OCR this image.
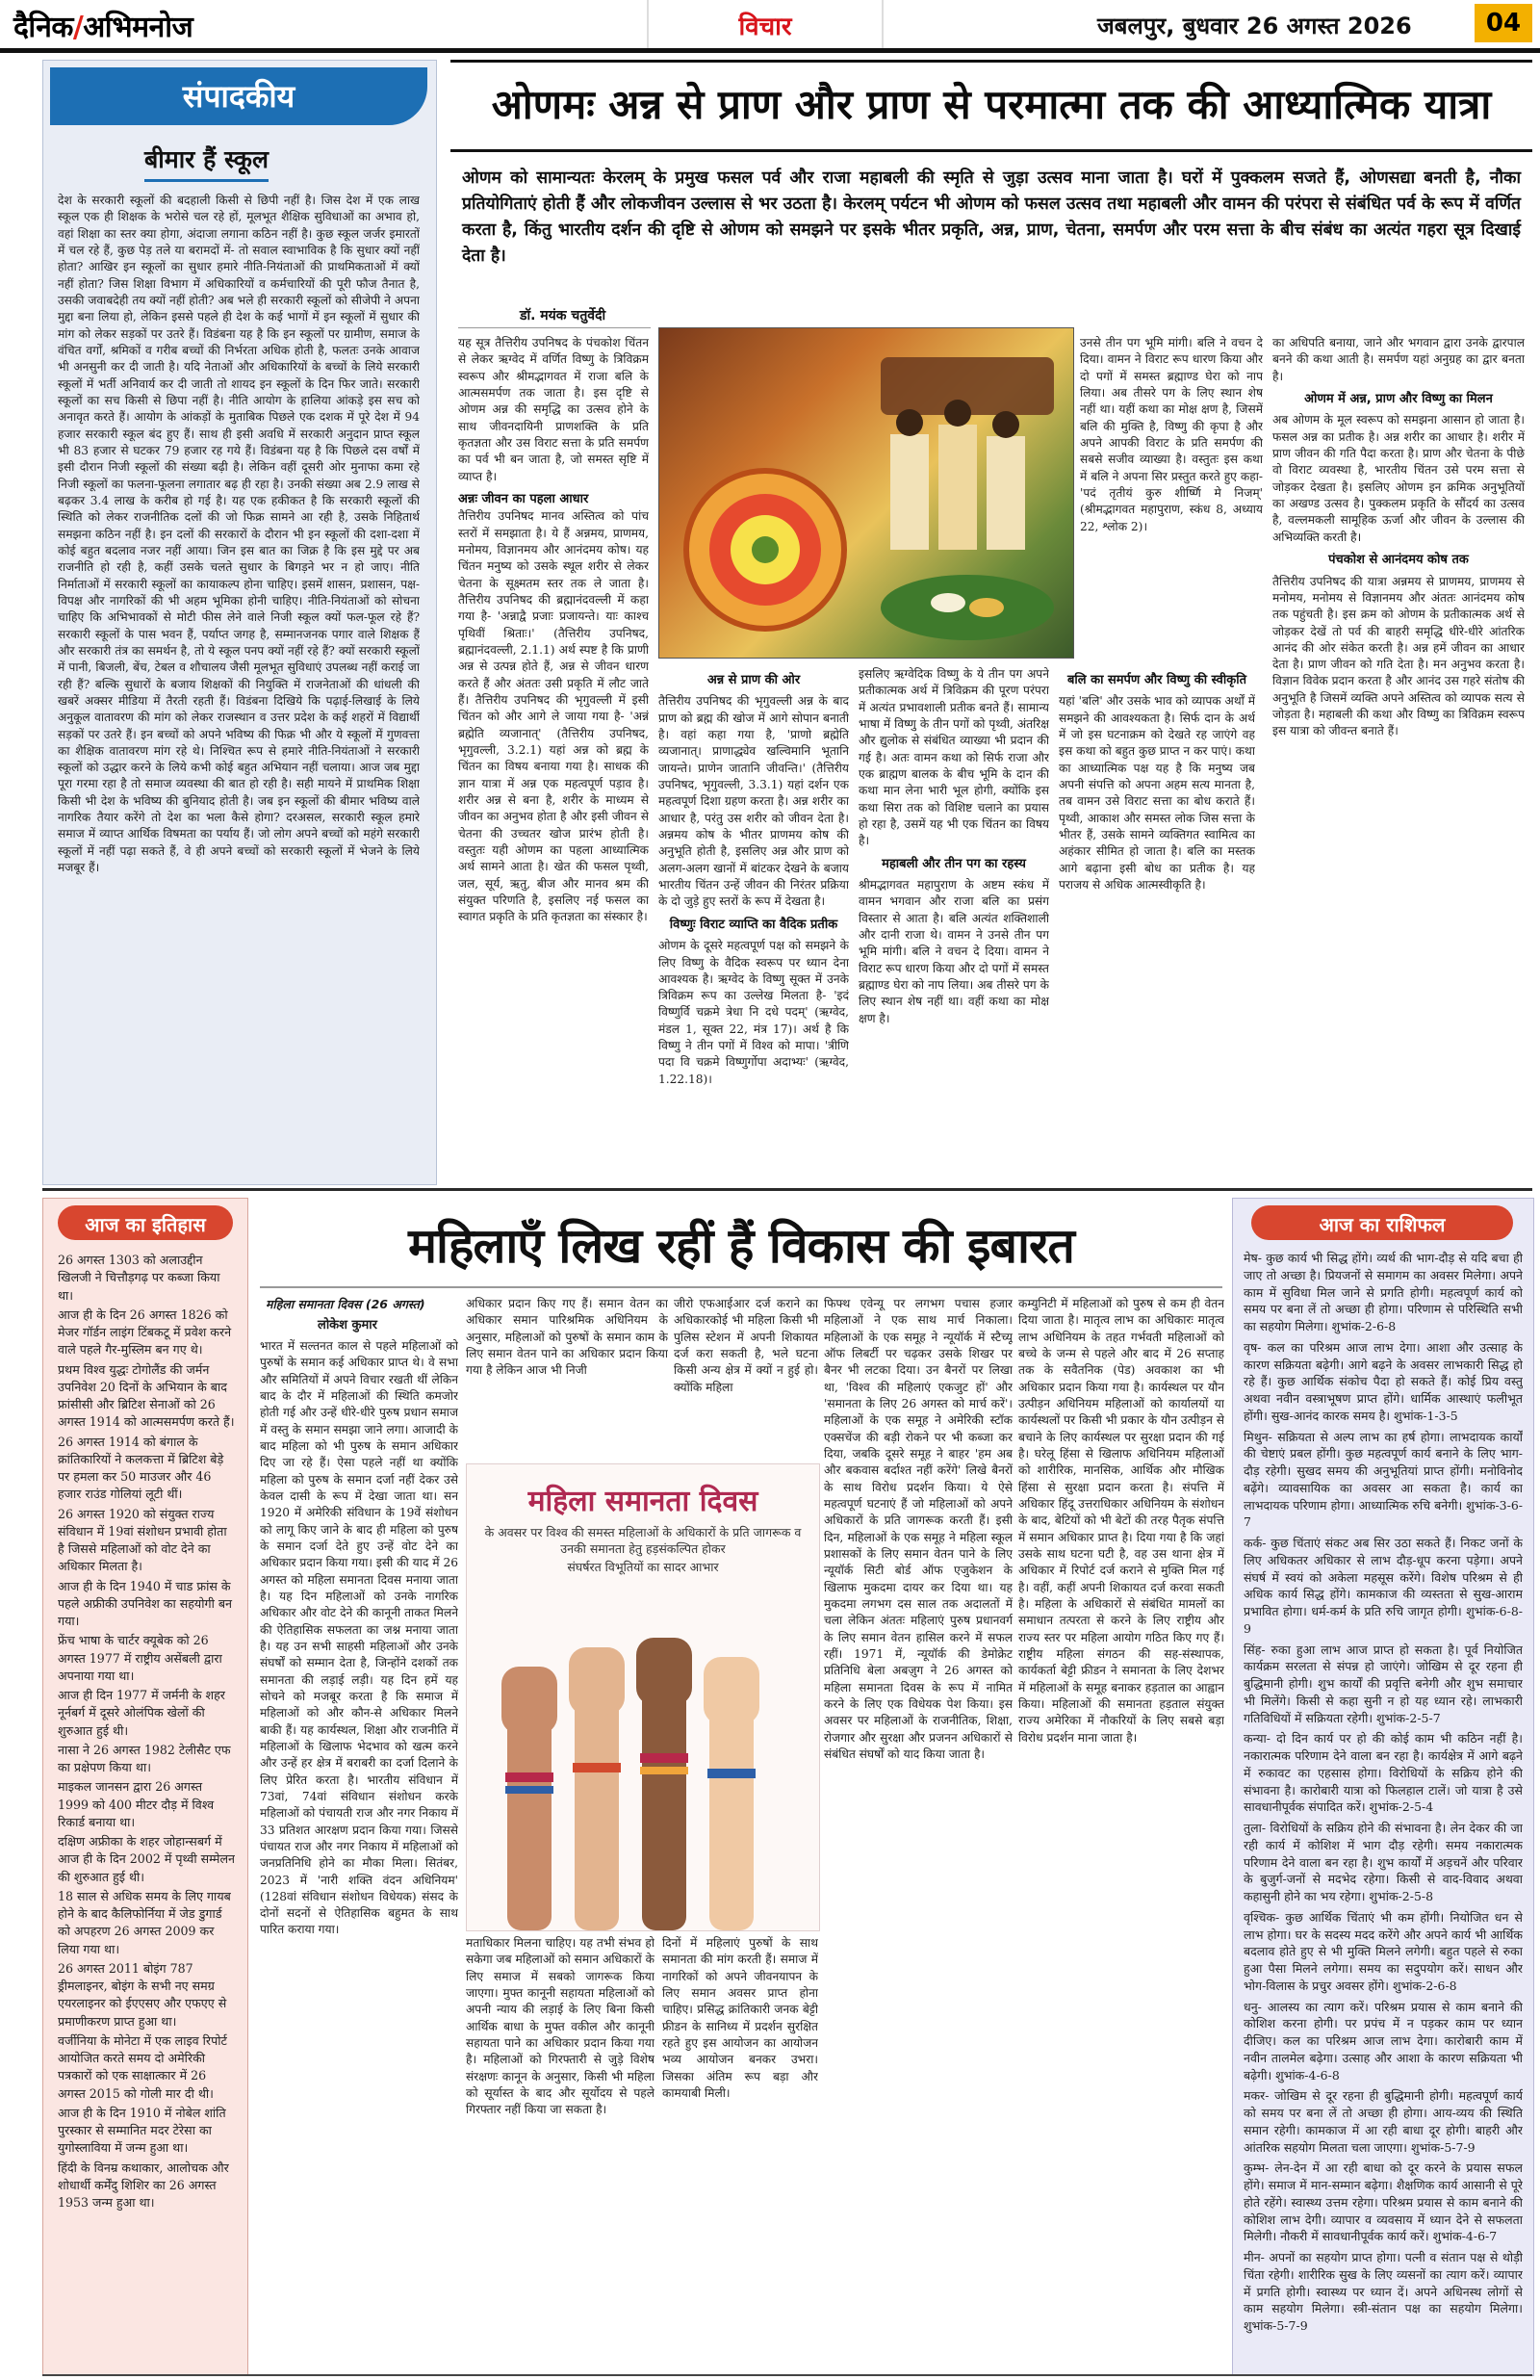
दैनिक/अभिमनोज	विचार	जबलपुर, बुधवार 26 अगस्त 2026	04
संपादकीय
बीमार हैं स्कूल
देश के सरकारी स्कूलों की बदहाली किसी से छिपी नहीं है। जिस देश में एक लाख स्कूल एक ही शिक्षक के भरोसे चल रहे हों, मूलभूत शैक्षिक सुविधाओं का अभाव हो, वहां शिक्षा का स्तर क्या होगा, अंदाजा लगाना कठिन नहीं है। कुछ स्कूल जर्जर इमारतों में चल रहे हैं, कुछ पेड़ तले या बरामदों में- तो सवाल स्वाभाविक है कि सुधार क्यों नहीं होता? आखिर इन स्कूलों का सुधार हमारे नीति-नियंताओं की प्राथमिकताओं में क्यों नहीं होता? जिस शिक्षा विभाग में अधिकारियों व कर्मचारियों की पूरी फौज तैनात है, उसकी जवाबदेही तय क्यों नहीं होती? अब भले ही सरकारी स्कूलों को सीजेपी ने अपना मुद्दा बना लिया हो, लेकिन इससे पहले ही देश के कई भागों में इन स्कूलों में सुधार की मांग को लेकर सड़कों पर उतरे हैं। विडंबना यह है कि इन स्कूलों पर ग्रामीण, समाज के वंचित वर्गों, श्रमिकों व गरीब बच्चों की निर्भरता अधिक होती है, फलतः उनके आवाज भी अनसुनी कर दी जाती है। यदि नेताओं और अधिकारियों के बच्चों के लिये सरकारी स्कूलों में भर्ती अनिवार्य कर दी जाती तो शायद इन स्कूलों के दिन फिर जाते। सरकारी स्कूलों का सच किसी से छिपा नहीं है। नीति आयोग के हालिया आंकड़े इस सच को अनावृत करते हैं। आयोग के आंकड़ों के मुताबिक पिछले एक दशक में पूरे देश में 94 हजार सरकारी स्कूल बंद हुए हैं। साथ ही इसी अवधि में सरकारी अनुदान प्राप्त स्कूल भी 83 हजार से घटकर 79 हजार रह गये हैं। विडंबना यह है कि पिछले दस वर्षों में इसी दौरान निजी स्कूलों की संख्या बढ़ी है। लेकिन वहीं दूसरी ओर मुनाफा कमा रहे निजी स्कूलों का फलना-फूलना लगातार बढ़ ही रहा है। उनकी संख्या अब 2.9 लाख से बढ़कर 3.4 लाख के करीब हो गई है। यह एक हकीकत है कि सरकारी स्कूलों की स्थिति को लेकर राजनीतिक दलों की जो फिक्र सामने आ रही है, उसके निहितार्थ समझना कठिन नहीं है। इन दलों की सरकारों के दौरान भी इन स्कूलों की दशा-दशा में कोई बहुत बदलाव नजर नहीं आया। जिन इस बात का जिक्र है कि इस मुद्दे पर अब राजनीति हो रही है, कहीं उसके चलते सुधार के बिगड़ने भर न हो जाए। नीति निर्माताओं में सरकारी स्कूलों का कायाकल्प होना चाहिए। इसमें शासन, प्रशासन, पक्ष-विपक्ष और नागरिकों की भी अहम भूमिका होनी चाहिए। नीति-नियंताओं को सोचना चाहिए कि अभिभावकों से मोटी फीस लेने वाले निजी स्कूल क्यों फल-फूल रहे हैं? सरकारी स्कूलों के पास भवन हैं, पर्याप्त जगह है, सम्मानजनक पगार वाले शिक्षक हैं और सरकारी तंत्र का समर्थन है, तो ये स्कूल पनप क्यों नहीं रहे हैं? क्यों सरकारी स्कूलों में पानी, बिजली, बेंच, टेबल व शौचालय जैसी मूलभूत सुविधाएं उपलब्ध नहीं कराई जा रही हैं? बल्कि सुधारों के बजाय शिक्षकों की नियुक्ति में राजनेताओं की धांधली की खबरें अक्सर मीडिया में तैरती रहती हैं। विडंबना दिखिये कि पढ़ाई-लिखाई के लिये अनुकूल वातावरण की मांग को लेकर राजस्थान व उत्तर प्रदेश के कई शहरों में विद्यार्थी सड़कों पर उतरे हैं। इन बच्चों को अपने भविष्य की फिक्र भी और ये स्कूलों में गुणवत्ता का शैक्षिक वातावरण मांग रहे थे। निश्चित रूप से हमारे नीति-नियंताओं ने सरकारी स्कूलों को उद्धार करने के लिये कभी कोई बहुत अभियान नहीं चलाया। आज जब मुद्दा पूरा गरमा रहा है तो समाज व्यवस्था की बात हो रही है। सही मायने में प्राथमिक शिक्षा किसी भी देश के भविष्य की बुनियाद होती है। जब इन स्कूलों की बीमार भविष्य वाले नागरिक तैयार करेंगे तो देश का भला कैसे होगा? दरअसल, सरकारी स्कूल हमारे समाज में व्याप्त आर्थिक विषमता का पर्याय हैं। जो लोग अपने बच्चों को महंगे सरकारी स्कूलों में नहीं पढ़ा सकते हैं, वे ही अपने बच्चों को सरकारी स्कूलों में भेजने के लिये मजबूर हैं।
ओणमः अन्न से प्राण और प्राण से परमात्मा तक की आध्यात्मिक यात्रा
ओणम को सामान्यतः केरलम् के प्रमुख फसल पर्व और राजा महाबली की स्मृति से जुड़ा उत्सव माना जाता है। घरों में पुक्कलम सजते हैं, ओणसद्या बनती है, नौका प्रतियोगिताएं होती हैं और लोकजीवन उल्लास से भर उठता है। केरलम् पर्यटन भी ओणम को फसल उत्सव तथा महाबली और वामन की परंपरा से संबंधित पर्व के रूप में वर्णित करता है, किंतु भारतीय दर्शन की दृष्टि से ओणम को समझने पर इसके भीतर प्रकृति, अन्न, प्राण, चेतना, समर्पण और परम सत्ता के बीच संबंध का अत्यंत गहरा सूत्र दिखाई देता है।
डॉ. मयंक चतुर्वेदी
यह सूत्र तैत्तिरीय उपनिषद के पंचकोश चिंतन से लेकर ऋग्वेद में वर्णित विष्णु के त्रिविक्रम स्वरूप और श्रीमद्भागवत में राजा बलि के आत्मसमर्पण तक जाता है। इस दृष्टि से ओणम अन्न की समृद्धि का उत्सव होने के साथ जीवनदायिनी प्राणशक्ति के प्रति कृतज्ञता और उस विराट सत्ता के प्रति समर्पण का पर्व भी बन जाता है, जो समस्त सृष्टि में व्याप्त है।
अन्नः जीवन का पहला आधार
तैत्तिरीय उपनिषद मानव अस्तित्व को पांच स्तरों में समझाता है। ये हैं अन्नमय, प्राणमय, मनोमय, विज्ञानमय और आनंदमय कोष। यह चिंतन मनुष्य को उसके स्थूल शरीर से लेकर चेतना के सूक्ष्मतम स्तर तक ले जाता है। तैत्तिरीय उपनिषद की ब्रह्मानंदवल्ली में कहा गया है- 'अन्नाद्वै प्रजाः प्रजायन्ते। याः काश्च पृथिवीं श्रिताः।' (तैत्तिरीय उपनिषद, ब्रह्मानंदवल्ली, 2.1.1) अर्थ स्पष्ट है कि प्राणी अन्न से उत्पन्न होते हैं, अन्न से जीवन धारण करते हैं और अंततः उसी प्रकृति में लौट जाते हैं। तैत्तिरीय उपनिषद की भृगुवल्ली में इसी चिंतन को और आगे ले जाया गया है- 'अन्नं ब्रह्मेति व्यजानात्' (तैत्तिरीय उपनिषद, भृगुवल्ली, 3.2.1) यहां अन्न को ब्रह्म के चिंतन का विषय बनाया गया है। साधक की ज्ञान यात्रा में अन्न एक महत्वपूर्ण पड़ाव है। शरीर अन्न से बना है, शरीर के माध्यम से जीवन का अनुभव होता है और इसी जीवन से चेतना की उच्चतर खोज प्रारंभ होती है। वस्तुतः यही ओणम का पहला आध्यात्मिक अर्थ सामने आता है। खेत की फसल पृथ्वी, जल, सूर्य, ऋतु, बीज और मानव श्रम की संयुक्त परिणति है, इसलिए नई फसल का स्वागत प्रकृति के प्रति कृतज्ञता का संस्कार है।
अन्न से प्राण की ओर
तैत्तिरीय उपनिषद की भृगुवल्ली अन्न के बाद प्राण को ब्रह्म की खोज में आगे सोपान बनाती है। वहां कहा गया है, 'प्राणो ब्रह्मेति व्यजानात्। प्राणाद्ध्येव खल्विमानि भूतानि जायन्ते। प्राणेन जातानि जीवन्ति।' (तैत्तिरीय उपनिषद, भृगुवल्ली, 3.3.1) यहां दर्शन एक महत्वपूर्ण दिशा ग्रहण करता है। अन्न शरीर का आधार है, परंतु उस शरीर को जीवन देता है। अन्नमय कोष के भीतर प्राणमय कोष की अनुभूति होती है, इसलिए अन्न और प्राण को अलग-अलग खानों में बांटकर देखने के बजाय भारतीय चिंतन उन्हें जीवन की निरंतर प्रक्रिया के दो जुड़े हुए स्तरों के रूप में देखता है।
विष्णुः विराट व्याप्ति का वैदिक प्रतीक
ओणम के दूसरे महत्वपूर्ण पक्ष को समझने के लिए विष्णु के वैदिक स्वरूप पर ध्यान देना आवश्यक है। ऋग्वेद के विष्णु सूक्त में उनके त्रिविक्रम रूप का उल्लेख मिलता है- 'इदं विष्णुर्वि चक्रमे त्रेधा नि दधे पदम्' (ऋग्वेद, मंडल 1, सूक्त 22, मंत्र 17)। अर्थ है कि विष्णु ने तीन पगों में विश्व को मापा। 'त्रीणि पदा वि चक्रमे विष्णुर्गोपा अदाभ्यः' (ऋग्वेद, 1.22.18)।
इसलिए ऋग्वेदिक विष्णु के ये तीन पग अपने प्रतीकात्मक अर्थ में त्रिविक्रम की पूरण परंपरा में अत्यंत प्रभावशाली प्रतीक बनते हैं। सामान्य भाषा में विष्णु के तीन पगों को पृथ्वी, अंतरिक्ष और द्युलोक से संबंधित व्याख्या भी प्रदान की गई है। अतः वामन कथा को सिर्फ राजा और एक ब्राह्मण बालक के बीच भूमि के दान की कथा मान लेना भारी भूल होगी, क्योंकि इस कथा सिरा तक को विशिष्ट चलाने का प्रयास हो रहा है, उसमें यह भी एक चिंतन का विषय है।
महाबली और तीन पग का रहस्य
श्रीमद्भागवत महापुराण के अष्टम स्कंध में वामन भगवान और राजा बलि का प्रसंग विस्तार से आता है। बलि अत्यंत शक्तिशाली और दानी राजा थे। वामन ने उनसे तीन पग भूमि मांगी। बलि ने वचन दे दिया। वामन ने विराट रूप धारण किया और दो पगों में समस्त ब्रह्माण्ड घेरा को नाप लिया। अब तीसरे पग के लिए स्थान शेष नहीं था। वहीं कथा का मोक्ष क्षण है।
बलि का समर्पण और विष्णु की स्वीकृति
यहां 'बलि' और उसके भाव को व्यापक अर्थों में समझने की आवश्यकता है। सिर्फ दान के अर्थ में जो इस घटनाक्रम को देखते रह जाएंगे वह इस कथा को बहुत कुछ प्राप्त न कर पाएं। कथा का आध्यात्मिक पक्ष यह है कि मनुष्य जब अपनी संपत्ति को अपना अहम सत्य मानता है, तब वामन उसे विराट सत्ता का बोध कराते हैं। पृथ्वी, आकाश और समस्त लोक जिस सत्ता के भीतर हैं, उसके सामने व्यक्तिगत स्वामित्व का अहंकार सीमित हो जाता है। बलि का मस्तक आगे बढ़ाना इसी बोध का प्रतीक है। यह पराजय से अधिक आत्मस्वीकृति है।
उनसे तीन पग भूमि मांगी। बलि ने वचन दे दिया। वामन ने विराट रूप धारण किया और दो पगों में समस्त ब्रह्माण्ड घेरा को नाप लिया। अब तीसरे पग के लिए स्थान शेष नहीं था। यहीं कथा का मोक्ष क्षण है, जिसमें बलि की मुक्ति है, विष्णु की कृपा है और अपने आपकी विराट के प्रति समर्पण की सबसे सजीव व्याख्या है। वस्तुतः इस कथा में बलि ने अपना सिर प्रस्तुत करते हुए कहा- 'पदं तृतीयं कुरु शीर्ष्णि मे निजम्' (श्रीमद्भागवत महापुराण, स्कंध 8, अध्याय 22, श्लोक 2)।
का अधिपति बनाया, जाने और भगवान द्वारा उनके द्वारपाल बनने की कथा आती है। समर्पण यहां अनुग्रह का द्वार बनता है।
ओणम में अन्न, प्राण और विष्णु का मिलन
अब ओणम के मूल स्वरूप को समझना आसान हो जाता है। फसल अन्न का प्रतीक है। अन्न शरीर का आधार है। शरीर में प्राण जीवन की गति पैदा करता है। प्राण और चेतना के पीछे वो विराट व्यवस्था है, भारतीय चिंतन उसे परम सत्ता से जोड़कर देखता है। इसलिए ओणम इन क्रमिक अनुभूतियों का अखण्ड उत्सव है। पुक्कलम प्रकृति के सौंदर्य का उत्सव है, वल्लमकली सामूहिक ऊर्जा और जीवन के उल्लास की अभिव्यक्ति करती है।
पंचकोश से आनंदमय कोष तक
तैत्तिरीय उपनिषद की यात्रा अन्नमय से प्राणमय, प्राणमय से मनोमय, मनोमय से विज्ञानमय और अंततः आनंदमय कोष तक पहुंचती है। इस क्रम को ओणम के प्रतीकात्मक अर्थ से जोड़कर देखें तो पर्व की बाहरी समृद्धि धीरे-धीरे आंतरिक आनंद की ओर संकेत करती है। अन्न हमें जीवन का आधार देता है। प्राण जीवन को गति देता है। मन अनुभव करता है। विज्ञान विवेक प्रदान करता है और आनंद उस गहरे संतोष की अनुभूति है जिसमें व्यक्ति अपने अस्तित्व को व्यापक सत्य से जोड़ता है। महाबली की कथा और विष्णु का त्रिविक्रम स्वरूप इस यात्रा को जीवन्त बनाते हैं।
आज का इतिहास

26 अगस्त 1303 को अलाउद्दीन खिलजी ने चित्तौड़गढ़ पर कब्जा किया था।

आज ही के दिन 26 अगस्त 1826 को मेजर गॉर्डन लाइंग टिंबकटू में प्रवेश करने वाले पहले गैर-मुस्लिम बन गए थे।

प्रथम विश्व युद्धः टोगोलैंड की जर्मन उपनिवेश 20 दिनों के अभियान के बाद फ्रांसीसी और ब्रिटिश सेनाओं को 26 अगस्त 1914 को आत्मसमर्पण करते हैं।

26 अगस्त 1914 को बंगाल के क्रांतिकारियों ने कलकत्ता में ब्रिटिश बेड़े पर हमला कर 50 माउजर और 46 हजार राउंड गोलियां लूटी थीं।

26 अगस्त 1920 को संयुक्त राज्य संविधान में 19वां संशोधन प्रभावी होता है जिससे महिलाओं को वोट देने का अधिकार मिलता है।

आज ही के दिन 1940 में चाड फ्रांस के पहले अफ्रीकी उपनिवेश का सहयोगी बन गया।

फ्रेंच भाषा के चार्टर क्यूबेक को 26 अगस्त 1977 में राष्ट्रीय असेंबली द्वारा अपनाया गया था।

आज ही दिन 1977 में जर्मनी के शहर नूर्नबर्ग में दूसरे ओलंपिक खेलों की शुरुआत हुई थी।

नासा ने 26 अगस्त 1982 टेलीसैट एफ का प्रक्षेपण किया था।

माइकल जानसन द्वारा 26 अगस्त 1999 को 400 मीटर दौड़ में विश्व रिकार्ड बनाया था।

दक्षिण अफ्रीका के शहर जोहान्सबर्ग में आज ही के दिन 2002 में पृथ्वी सम्मेलन की शुरुआत हुई थी।

18 साल से अधिक समय के लिए गायब होने के बाद कैलिफोर्निया में जेड डुगार्ड को अपहरण 26 अगस्त 2009 कर लिया गया था।

26 अगस्त 2011 बोइंग 787 ड्रीमलाइनर, बोइंग के सभी नए समग्र एयरलाइनर को ईएएसए और एफएए से प्रमाणीकरण प्राप्त हुआ था।

वर्जीनिया के मोनेटा में एक लाइव रिपोर्ट आयोजित करते समय दो अमेरिकी पत्रकारों को एक साक्षात्कार में 26 अगस्त 2015 को गोली मार दी थी।

आज ही के दिन 1910 में नोबेल शांति पुरस्कार से सम्मानित मदर टेरेसा का युगोस्लाविया में जन्म हुआ था।

हिंदी के विनम्र कथाकार, आलोचक और शोधार्थी कर्मेंदु शिशिर का 26 अगस्त 1953 जन्म हुआ था।

महिलाएँ लिख रहीं हैं विकास की इबारत
महिला समानता दिवस (26 अगस्त)
लोकेश कुमार
भारत में सल्तनत काल से पहले महिलाओं को पुरुषों के समान कई अधिकार प्राप्त थे। वे सभा और समितियों में अपने विचार रखती थीं लेकिन बाद के दौर में महिलाओं की स्थिति कमजोर होती गई और उन्हें धीरे-धीरे पुरुष प्रधान समाज में वस्तु के समान समझा जाने लगा। आजादी के बाद महिला को भी पुरुष के समान अधिकार दिए जा रहे हैं। ऐसा पहले नहीं था क्योंकि महिला को पुरुष के समान दर्जा नहीं देकर उसे केवल दासी के रूप में देखा जाता था। सन 1920 में अमेरिकी संविधान के 19वें संशोधन को लागू किए जाने के बाद ही महिला को पुरुष के समान दर्जा देते हुए उन्हें वोट देने का अधिकार प्रदान किया गया। इसी की याद में 26 अगस्त को महिला समानता दिवस मनाया जाता है। यह दिन महिलाओं को उनके नागरिक अधिकार और वोट देने की कानूनी ताकत मिलने की ऐतिहासिक सफलता का जश्न मनाया जाता है। यह उन सभी साहसी महिलाओं और उनके संघर्षों को सम्मान देता है, जिन्होंने दशकों तक समानता की लड़ाई लड़ी। यह दिन हमें यह सोचने को मजबूर करता है कि समाज में महिलाओं को और कौन-से अधिकार मिलने बाकी हैं। यह कार्यस्थल, शिक्षा और राजनीति में महिलाओं के खिलाफ भेदभाव को खत्म करने और उन्हें हर क्षेत्र में बराबरी का दर्जा दिलाने के लिए प्रेरित करता है। भारतीय संविधान में 73वां, 74वां संविधान संशोधन करके महिलाओं को पंचायती राज और नगर निकाय में 33 प्रतिशत आरक्षण प्रदान किया गया। जिससे पंचायत राज और नगर निकाय में महिलाओं को जनप्रतिनिधि होने का मौका मिला। सितंबर, 2023 में 'नारी शक्ति वंदन अधिनियम' (128वां संविधान संशोधन विधेयक) संसद के दोनों सदनों से ऐतिहासिक बहुमत के साथ पारित कराया गया।
अधिकार प्रदान किए गए हैं। समान वेतन का अधिकार समान पारिश्रमिक अधिनियम के अनुसार, महिलाओं को पुरुषों के समान काम के लिए समान वेतन पाने का अधिकार प्रदान किया गया है लेकिन आज भी निजी
जीरो एफआईआर दर्ज कराने का अधिकारकोई भी महिला किसी भी पुलिस स्टेशन में अपनी शिकायत दर्ज करा सकती है, भले घटना किसी अन्य क्षेत्र में क्यों न हुई हो। क्योंकि महिला
फिफ्थ एवेन्यू पर लगभग पचास हजार महिलाओं ने एक साथ मार्च निकाला। महिलाओं के एक समूह ने न्यूयॉर्क में स्टैच्यू ऑफ लिबर्टी पर चढ़कर उसके शिखर पर बैनर भी लटका दिया। उन बैनरों पर लिखा था, 'विश्व की महिलाएं एकजुट हों' और 'समानता के लिए 26 अगस्त को मार्च करें'। महिलाओं के एक समूह ने अमेरिकी स्टॉक एक्सचेंज की बड़ी रोकने पर भी कब्जा कर दिया, जबकि दूसरे समूह ने बाहर 'हम अब और बकवास बर्दाश्त नहीं करेंगे' लिखे बैनरों के साथ विरोध प्रदर्शन किया। ये ऐसे महत्वपूर्ण घटनाएं हैं जो महिलाओं को अपने अधिकारों के प्रति जागरूक करती हैं। इसी दिन, महिलाओं के एक समूह ने महिला स्कूल प्रशासकों के लिए समान वेतन पाने के लिए न्यूयॉर्क सिटी बोर्ड ऑफ एजुकेशन के खिलाफ मुकदमा दायर कर दिया था। यह मुकदमा लगभग दस साल तक अदालतों में चला लेकिन अंततः महिलाएं पुरुष प्रधानवर्ग के लिए समान वेतन हासिल करने में सफल रहीं। 1971 में, न्यूयॉर्क की डेमोक्रेट प्रतिनिधि बेला अबज़ुग ने 26 अगस्त को महिला समानता दिवस के रूप में नामित करने के लिए एक विधेयक पेश किया। इस अवसर पर महिलाओं के राजनीतिक, शिक्षा, रोजगार और सुरक्षा और प्रजनन अधिकारों से संबंधित संघर्षों को याद किया जाता है।
कम्युनिटी में महिलाओं को पुरुष से कम ही वेतन दिया जाता है। मातृत्व लाभ का अधिकारः मातृत्व लाभ अधिनियम के तहत गर्भवती महिलाओं को बच्चे के जन्म से पहले और बाद में 26 सप्ताह तक के सवैतनिक (पेड) अवकाश का भी अधिकार प्रदान किया गया है। कार्यस्थल पर यौन उत्पीड़न अधिनियम महिलाओं को कार्यालयों या कार्यस्थलों पर किसी भी प्रकार के यौन उत्पीड़न से बचाने के लिए कार्यस्थल पर सुरक्षा प्रदान की गई है। घरेलू हिंसा से खिलाफ अधिनियम महिलाओं को शारीरिक, मानसिक, आर्थिक और मौखिक हिंसा से सुरक्षा प्रदान करता है। संपत्ति में अधिकार हिंदू उत्तराधिकार अधिनियम के संशोधन के बाद, बेटियों को भी बेटों की तरह पैतृक संपत्ति में समान अधिकार प्राप्त है। दिया गया है कि जहां उसके साथ घटना घटी है, वह उस थाना क्षेत्र में अधिकार में रिपोर्ट दर्ज कराने से मुक्ति मिल गई है। वहीं, कहीं अपनी शिकायत दर्ज करवा सकती है। महिला के अधिकारों से संबंधित मामलों का समाधान तत्परता से करने के लिए राष्ट्रीय और राज्य स्तर पर महिला आयोग गठित किए गए हैं। राष्ट्रीय महिला संगठन की सह-संस्थापक, कार्यकर्ता बेट्टी फ्रीडन ने समानता के लिए देशभर में महिलाओं के समूह बनाकर हड़ताल का आह्वान किया। महिलाओं की समानता हड़ताल संयुक्त राज्य अमेरिका में नौकरियों के लिए सबसे बड़ा विरोध प्रदर्शन माना जाता है।
मताधिकार मिलना चाहिए। यह तभी संभव हो सकेगा जब महिलाओं को समान अधिकारों के लिए समाज में सबको जागरूक किया जाएगा। मुफ्त कानूनी सहायता महिलाओं को अपनी न्याय की लड़ाई के लिए बिना किसी आर्थिक बाधा के मुफ्त वकील और कानूनी सहायता पाने का अधिकार प्रदान किया गया है। महिलाओं को गिरफ्तारी से जुड़े विशेष संरक्षणः कानून के अनुसार, किसी भी महिला को सूर्यास्त के बाद और सूर्योदय से पहले गिरफ्तार नहीं किया जा सकता है।
दिनों में महिलाएं पुरुषों के साथ समानता की मांग करती हैं। समाज में नागरिकों को अपने जीवनयापन के लिए समान अवसर प्राप्त होना चाहिए। प्रसिद्ध क्रांतिकारी जनक बेट्टी फ्रीडन के सानिध्य में प्रदर्शन सुरक्षित रहते हुए इस आयोजन का आयोजन भव्य आयोजन बनकर उभरा। जिसका अंतिम रूप बड़ा और कामयाबी मिली।
महिला समानता दिवस
के अवसर पर विश्व की समस्त महिलाओं के अधिकारों के प्रति जागरूक व उनकी समानता हेतु हड़संकल्पित होकर
संघर्षरत विभूतियों का सादर आभार
आज का राशिफल

मेष- कुछ कार्य भी सिद्ध होंगे। व्यर्थ की भाग-दौड़ से यदि बचा ही जाए तो अच्छा है। प्रियजनों से समागम का अवसर मिलेगा। अपने काम में सुविधा मिल जाने से प्रगति होगी। महत्वपूर्ण कार्य को समय पर बना लें तो अच्छा ही होगा। परिणाम से परिस्थिति सभी का सहयोग मिलेगा। शुभांक-2-6-8

वृष- कल का परिश्रम आज लाभ देगा। आशा और उत्साह के कारण सक्रियता बढ़ेगी। आगे बढ़ने के अवसर लाभकारी सिद्ध हो रहे हैं। कुछ आर्थिक संकोच पैदा हो सकते हैं। कोई प्रिय वस्तु अथवा नवीन वस्त्राभूषण प्राप्त होंगे। धार्मिक आस्थाएं फलीभूत होंगी। सुख-आनंद कारक समय है। शुभांक-1-3-5

मिथुन- सक्रियता से अल्प लाभ का हर्ष होगा। लाभदायक कार्यों की चेष्टाएं प्रबल होंगी। कुछ महत्वपूर्ण कार्य बनाने के लिए भाग-दौड़ रहेगी। सुखद समय की अनुभूतियां प्राप्त होंगी। मनोविनोद बढ़ेंगे। व्यावसायिक का अवसर आ सकता है। कार्य का लाभदायक परिणाम होगा। आध्यात्मिक रुचि बनेगी। शुभांक-3-6-7

कर्क- कुछ चिंताएं संकट अब सिर उठा सकते हैं। निकट जनों के लिए अधिकतर अधिकार से लाभ दौड़-धूप करना पड़ेगा। अपने संघर्ष में स्वयं को अकेला महसूस करेंगे। विशेष परिश्रम से ही अधिक कार्य सिद्ध होंगे। कामकाज की व्यस्तता से सुख-आराम प्रभावित होगा। धर्म-कर्म के प्रति रुचि जागृत होगी। शुभांक-6-8-9

सिंह- रुका हुआ लाभ आज प्राप्त हो सकता है। पूर्व नियोजित कार्यक्रम सरलता से संपन्न हो जाएंगे। जोखिम से दूर रहना ही बुद्धिमानी होगी। शुभ कार्यों की प्रवृत्ति बनेगी और शुभ समाचार भी मिलेंगे। किसी से कहा सुनी न हो यह ध्यान रहे। लाभकारी गतिविधियों में सक्रियता रहेगी। शुभांक-2-5-7

कन्या- दो दिन कार्य पर हो की कोई काम भी कठिन नहीं है। नकारात्मक परिणाम देने वाला बन रहा है। कार्यक्षेत्र में आगे बढ़ने में रुकावट का एहसास होगा। विरोधियों के सक्रिय होने की संभावना है। कारोबारी यात्रा को फिलहाल टालें। जो यात्रा है उसे सावधानीपूर्वक संपादित करें। शुभांक-2-5-4

तुला- विरोधियों के सक्रिय होने की संभावना है। लेन देकर की जा रही कार्य में कोशिश में भाग दौड़ रहेगी। समय नकारात्मक परिणाम देने वाला बन रहा है। शुभ कार्यों में अड़चनें और परिवार के बुजुर्ग-जनों से मदभेद रहेगा। किसी से वाद-विवाद अथवा कहासुनी होने का भय रहेगा। शुभांक-2-5-8

वृश्चिक- कुछ आर्थिक चिंताएं भी कम होंगी। नियोजित धन से लाभ होगा। घर के सदस्य मदद करेंगे और अपने कार्य भी आर्थिक बदलाव होते हुए से भी मुक्ति मिलने लगेगी। बहुत पहले से रुका हुआ पैसा मिलने लगेगा। समय का सदुपयोग करें। साधन और भोग-विलास के प्रचुर अवसर होंगे। शुभांक-2-6-8

धनु- आलस्य का त्याग करें। परिश्रम प्रयास से काम बनाने की कोशिश करना होगी। पर प्रपंच में न पड़कर काम पर ध्यान दीजिए। कल का परिश्रम आज लाभ देगा। कारोबारी काम में नवीन तालमेल बढ़ेगा। उत्साह और आशा के कारण सक्रियता भी बढ़ेगी। शुभांक-4-6-8

मकर- जोखिम से दूर रहना ही बुद्धिमानी होगी। महत्वपूर्ण कार्य को समय पर बना लें तो अच्छा ही होगा। आय-व्यय की स्थिति समान रहेगी। कामकाज में आ रही बाधा दूर होगी। बाहरी और आंतरिक सहयोग मिलता चला जाएगा। शुभांक-5-7-9

कुम्भ- लेन-देन में आ रही बाधा को दूर करने के प्रयास सफल होंगे। समाज में मान-सम्मान बढ़ेगा। शैक्षणिक कार्य आसानी से पूरे होते रहेंगे। स्वास्थ्य उत्तम रहेगा। परिश्रम प्रयास से काम बनाने की कोशिश लाभ देगी। व्यापार व व्यवसाय में ध्यान देने से सफलता मिलेगी। नौकरी में सावधानीपूर्वक कार्य करें। शुभांक-4-6-7

मीन- अपनों का सहयोग प्राप्त होगा। पत्नी व संतान पक्ष से थोड़ी चिंता रहेगी। शारीरिक सुख के लिए व्यसनों का त्याग करें। व्यापार में प्रगति होगी। स्वास्थ्य पर ध्यान दें। अपने अधिनस्थ लोगों से काम सहयोग मिलेगा। स्त्री-संतान पक्ष का सहयोग मिलेगा। शुभांक-5-7-9
